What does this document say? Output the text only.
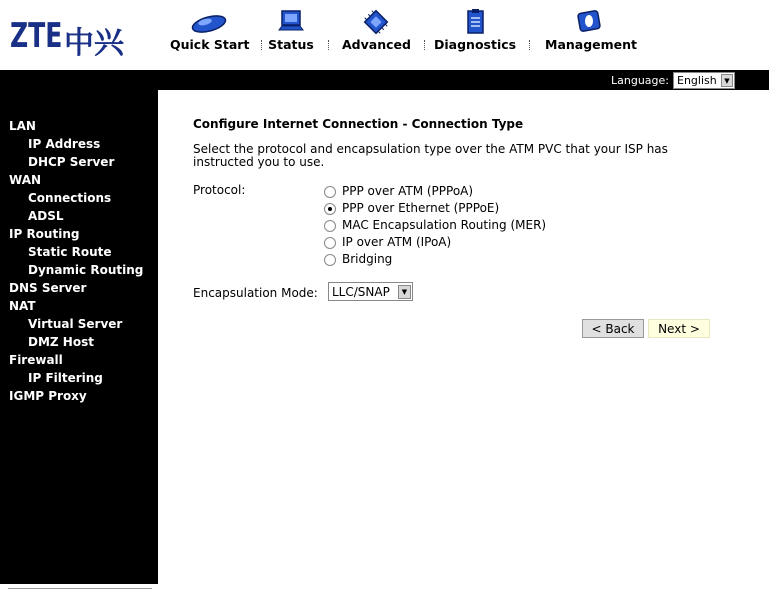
ZTE 中兴	Quick Start Status Advanced Diagnostics Management
Language: English	▼
LAN
IP Address
DHCP Server
WAN
Connections
ADSL
IP Routing
Static Route
Dynamic Routing
DNS Server
NAT
Virtual Server
DMZ Host
Firewall
IP Filtering
IGMP Proxy
Configure Internet Connection - Connection Type
Select the protocol and encapsulation type over the ATM PVC that your ISP has instructed you to use.
Protocol:	PPP over ATM (PPPoA)
PPP over Ethernet (PPPoE)
MAC Encapsulation Routing (MER)
IP over ATM (IPoA)
Bridging
Encapsulation Mode: LLC/SNAP	▼
< Back	Next >
